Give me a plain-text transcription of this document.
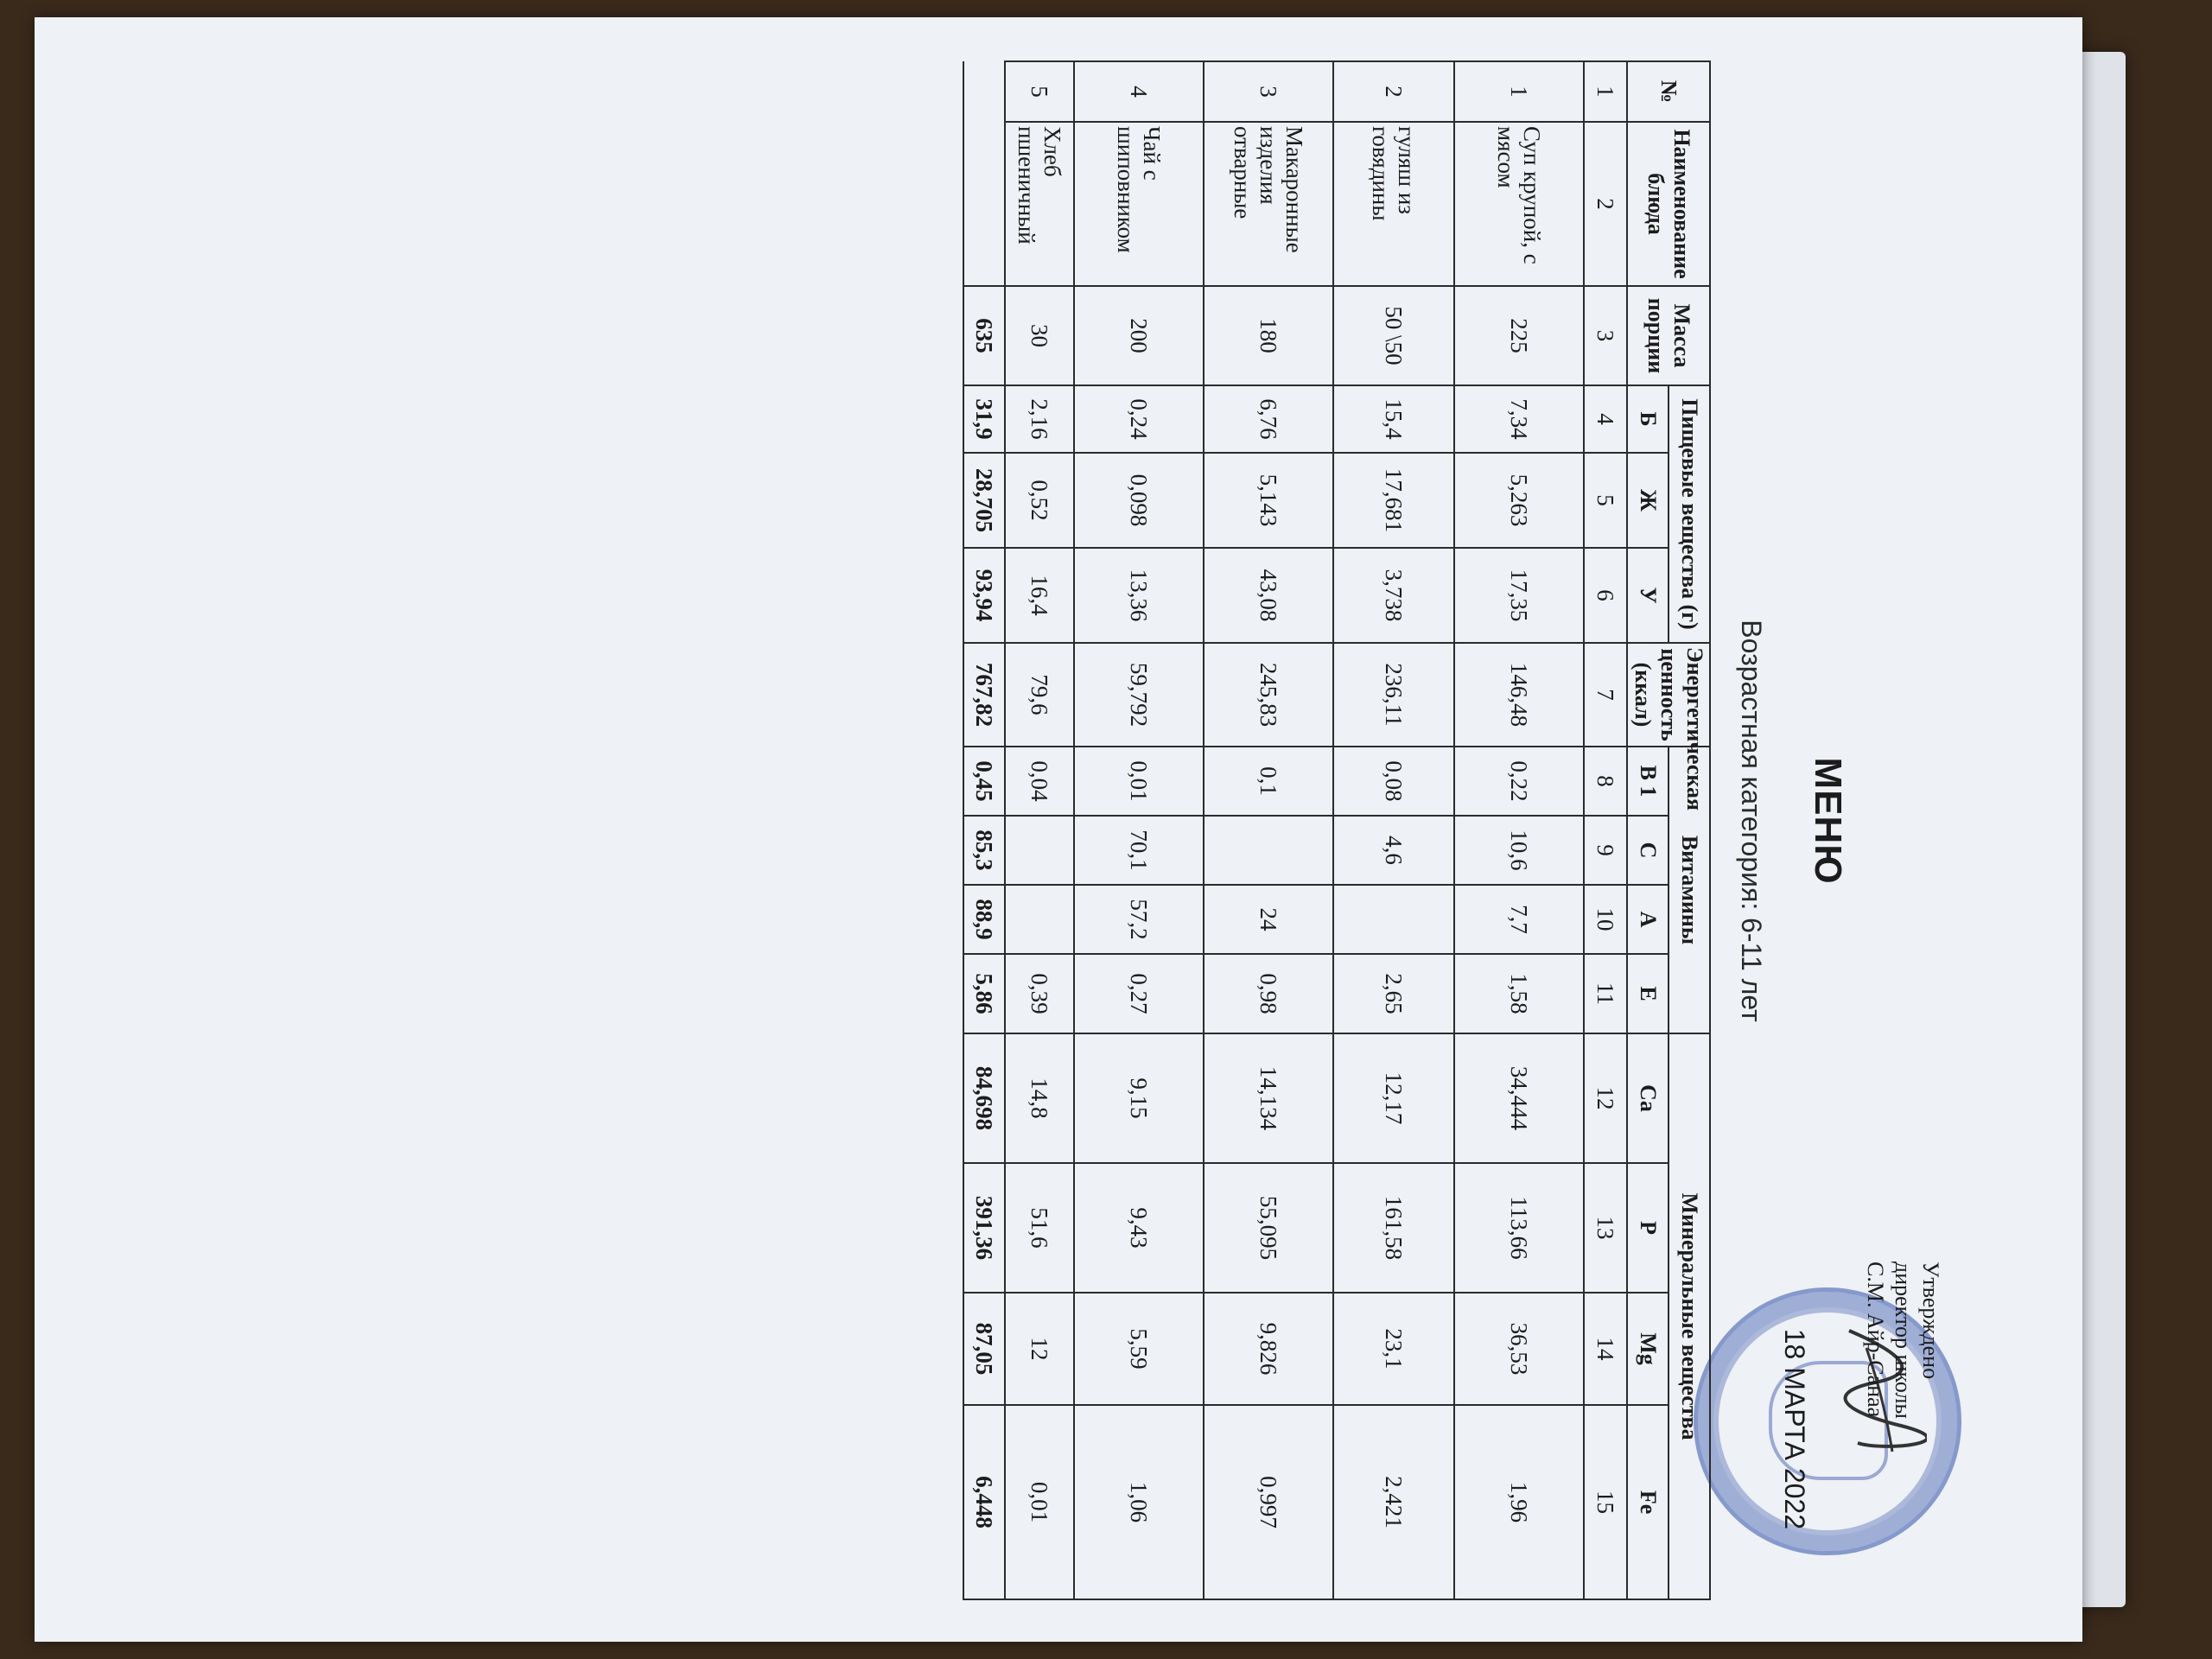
Утверждено
директор школы
С.М. Айр-Санаа
МЕНЮ
18 МАРТА 2022
Возрастная категория: 6-11 лет
№	Наименование блюда	Масса порции	Пищевые вещества (г)			Энергетическая ценность (ккал)	Витамины				Минеральные вещества			
			Б	Ж	У		В 1	С	А	Е	Са	Р	Mg	Fe
1	2	3	4	5	6	7	8	9	10	11	12	13	14	15
1	Суп крупой, с мясом	225	7,34	5,263	17,35	146,48	0,22	10,6	7,7	1,58	34,444	113,66	36,53	1,96
2	гуляш из говядины	50 \50	15,4	17,681	3,738	236,11	0,08	4,6		2,65	12,17	161,58	23,1	2,421
3	Макаронные изделия отварные	180	6,76	5,143	43,08	245,83	0,1		24	0,98	14,134	55,095	9,826	0,997
4	Чай с шиповником	200	0,24	0,098	13,36	59,792	0,01	70,1	57,2	0,27	9,15	9,43	5,59	1,06
5	Хлеб пшеничный	30	2,16	0,52	16,4	79,6	0,04			0,39	14,8	51,6	12	0,01
		635	31,9	28,705	93,94	767,82	0,45	85,3	88,9	5,86	84,698	391,36	87,05	6,448
